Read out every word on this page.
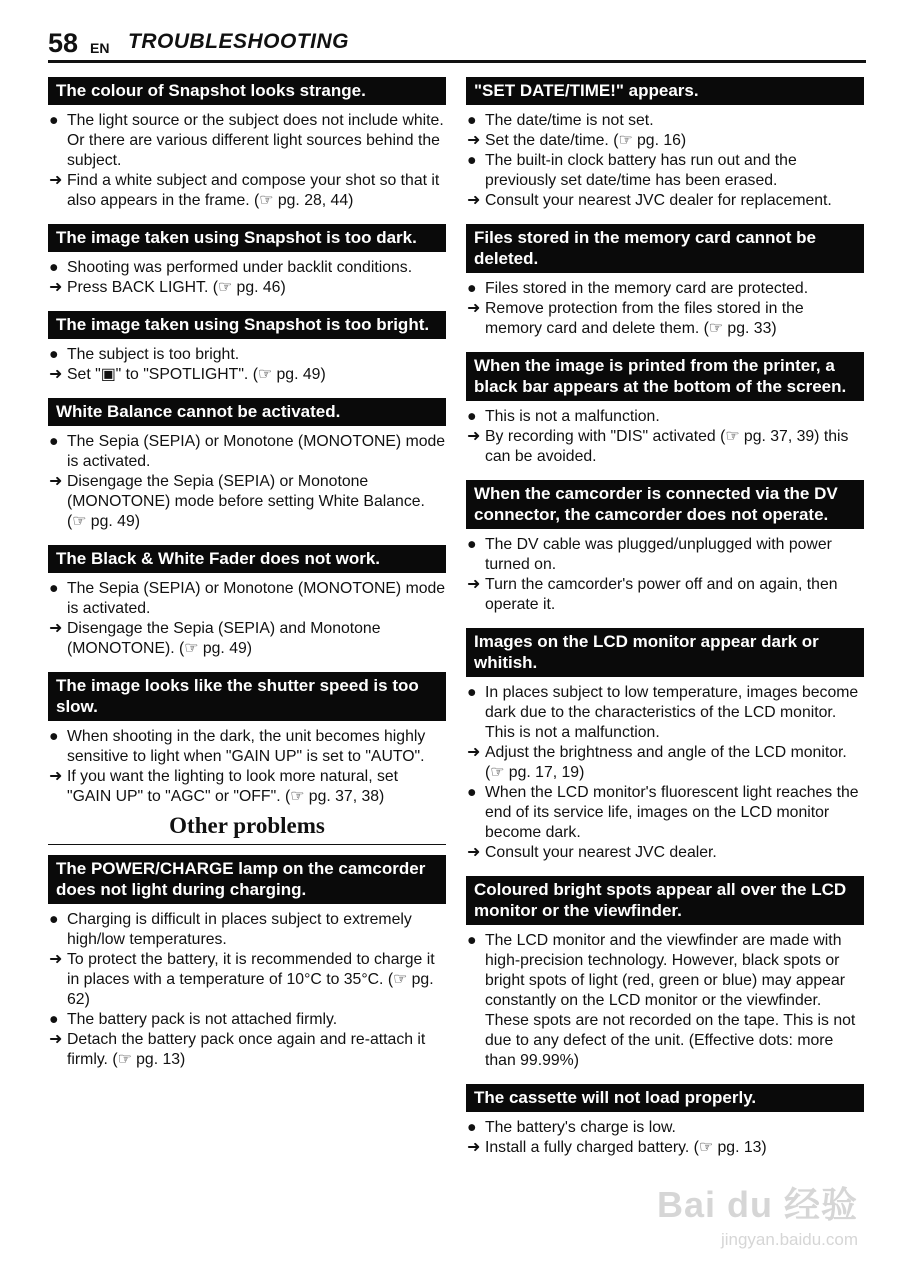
58 EN TROUBLESHOOTING
The colour of Snapshot looks strange.
● The light source or the subject does not include white. Or there are various different light sources behind the subject.
➜ Find a white subject and compose your shot so that it also appears in the frame. (☞ pg. 28, 44)
The image taken using Snapshot is too dark.
● Shooting was performed under backlit conditions.
➜ Press BACK LIGHT. (☞ pg. 46)
The image taken using Snapshot is too bright.
● The subject is too bright.
➜ Set "▣" to "SPOTLIGHT". (☞ pg. 49)
White Balance cannot be activated.
● The Sepia (SEPIA) or Monotone (MONOTONE) mode is activated.
➜ Disengage the Sepia (SEPIA) or Monotone (MONOTONE) mode before setting White Balance. (☞ pg. 49)
The Black & White Fader does not work.
● The Sepia (SEPIA) or Monotone (MONOTONE) mode is activated.
➜ Disengage the Sepia (SEPIA) and Monotone (MONOTONE). (☞ pg. 49)
The image looks like the shutter speed is too slow.
● When shooting in the dark, the unit becomes highly sensitive to light when "GAIN UP" is set to "AUTO".
➜ If you want the lighting to look more natural, set "GAIN UP" to "AGC" or "OFF". (☞ pg. 37, 38)
Other problems
The POWER/CHARGE lamp on the camcorder does not light during charging.
● Charging is difficult in places subject to extremely high/low temperatures.
➜ To protect the battery, it is recommended to charge it in places with a temperature of 10°C to 35°C. (☞ pg. 62)
● The battery pack is not attached firmly.
➜ Detach the battery pack once again and re-attach it firmly. (☞ pg. 13)
"SET DATE/TIME!" appears.
● The date/time is not set.
➜ Set the date/time. (☞ pg. 16)
● The built-in clock battery has run out and the previously set date/time has been erased.
➜ Consult your nearest JVC dealer for replacement.
Files stored in the memory card cannot be deleted.
● Files stored in the memory card are protected.
➜ Remove protection from the files stored in the memory card and delete them. (☞ pg. 33)
When the image is printed from the printer, a black bar appears at the bottom of the screen.
● This is not a malfunction.
➜ By recording with "DIS" activated (☞ pg. 37, 39) this can be avoided.
When the camcorder is connected via the DV connector, the camcorder does not operate.
● The DV cable was plugged/unplugged with power turned on.
➜ Turn the camcorder's power off and on again, then operate it.
Images on the LCD monitor appear dark or whitish.
● In places subject to low temperature, images become dark due to the characteristics of the LCD monitor. This is not a malfunction.
➜ Adjust the brightness and angle of the LCD monitor. (☞ pg. 17, 19)
● When the LCD monitor's fluorescent light reaches the end of its service life, images on the LCD monitor become dark.
➜ Consult your nearest JVC dealer.
Coloured bright spots appear all over the LCD monitor or the viewfinder.
● The LCD monitor and the viewfinder are made with high-precision technology. However, black spots or bright spots of light (red, green or blue) may appear constantly on the LCD monitor or the viewfinder. These spots are not recorded on the tape. This is not due to any defect of the unit. (Effective dots: more than 99.99%)
The cassette will not load properly.
● The battery's charge is low.
➜ Install a fully charged battery. (☞ pg. 13)
Bai du 经验
jingyan.baidu.com
